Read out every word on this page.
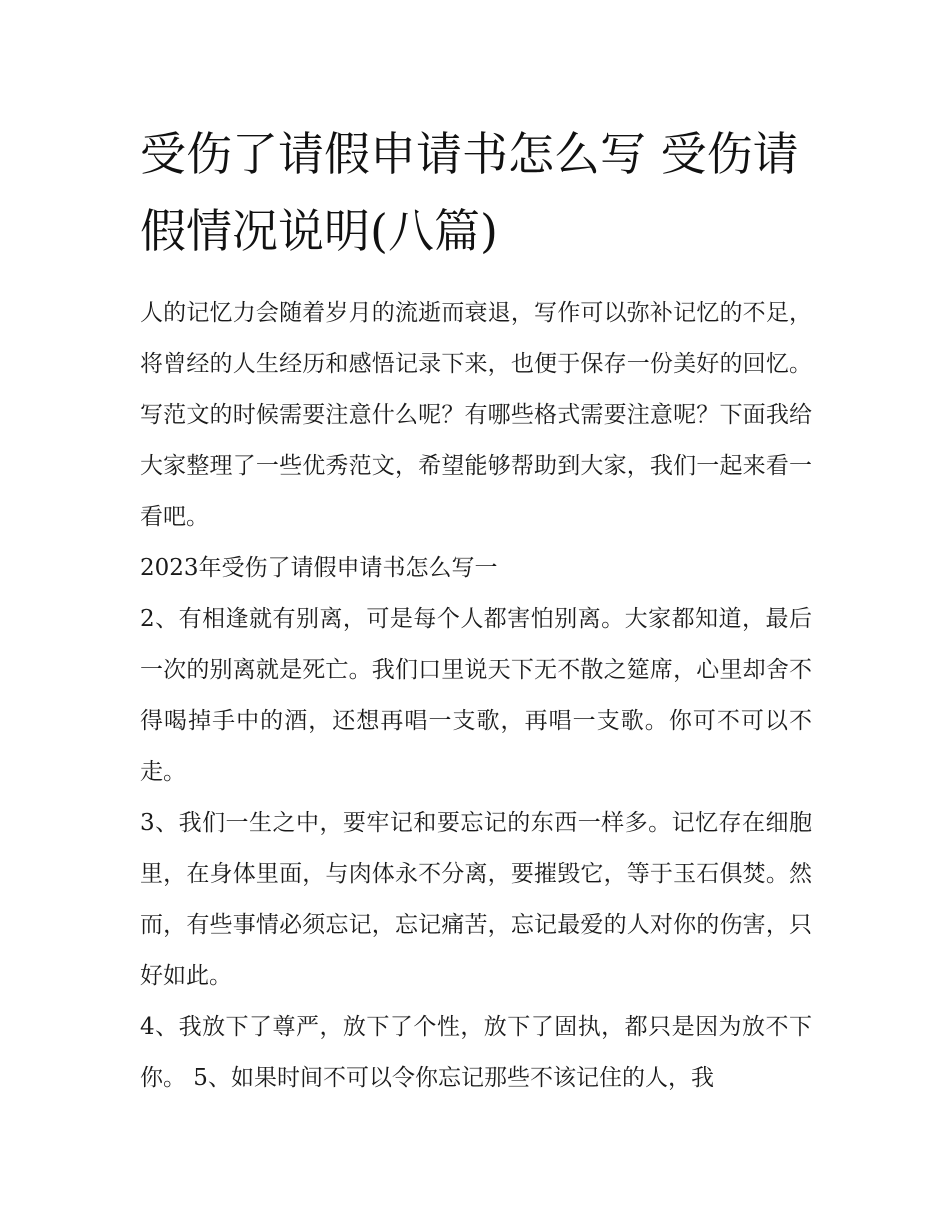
受伤了请假申请书怎么写 受伤请假情况说明(八篇)

人的记忆力会随着岁月的流逝而衰退，写作可以弥补记忆的不足，将曾经的人生经历和感悟记录下来，也便于保存一份美好的回忆。写范文的时候需要注意什么呢？有哪些格式需要注意呢？下面我给大家整理了一些优秀范文，希望能够帮助到大家，我们一起来看一看吧。

2023年受伤了请假申请书怎么写一

2、有相逢就有别离，可是每个人都害怕别离。大家都知道，最后一次的别离就是死亡。我们口里说天下无不散之筵席，心里却舍不得喝掉手中的酒，还想再唱一支歌，再唱一支歌。你可不可以不走。

3、我们一生之中，要牢记和要忘记的东西一样多。记忆存在细胞里，在身体里面，与肉体永不分离，要摧毁它，等于玉石俱焚。然而，有些事情必须忘记，忘记痛苦，忘记最爱的人对你的伤害，只好如此。

4、我放下了尊严，放下了个性，放下了固执，都只是因为放不下你。 5、如果时间不可以令你忘记那些不该记住的人，我
